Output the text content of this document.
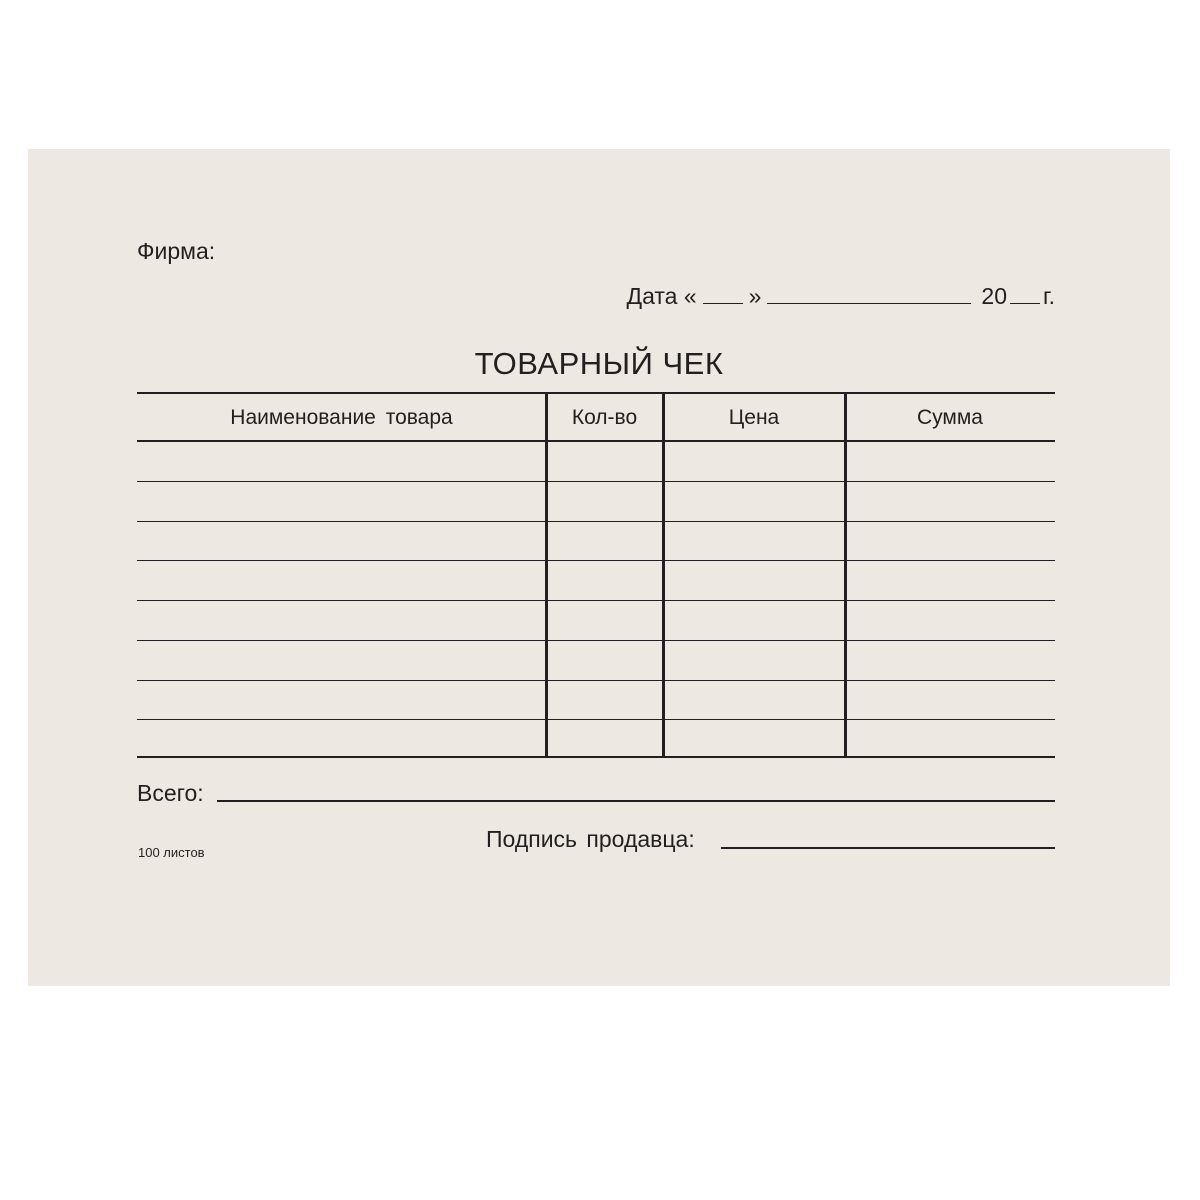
Фирма:
Дата « »	20 г.
ТОВАРНЫЙ ЧЕК
Наименование товара	Кол-во	Цена	Сумма
Всего:
Подпись продавца:
100 листов
